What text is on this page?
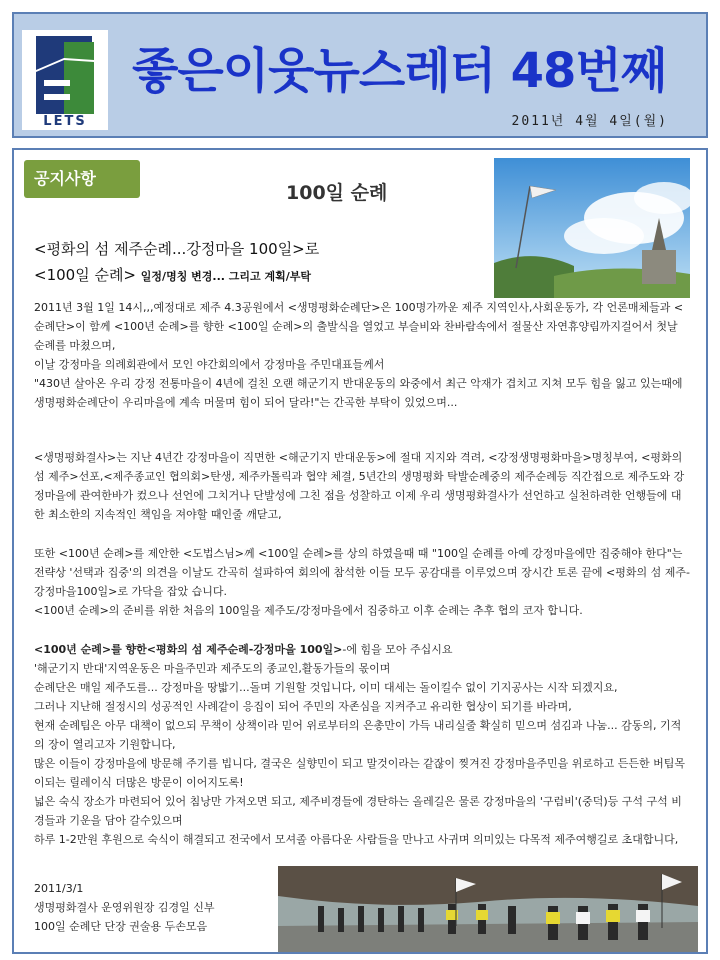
LETS
좋은이웃뉴스레터 48번째
2011년 4월 4일(월)
공지사항
100일 순례
<평화의 섬 제주순례...강정마을 100일>로
<100일 순례> 일정/명칭 변경... 그리고 계획/부탁

2011년 3월 1일 14시,,,예정대로 제주 4.3공원에서 <생명평화순례단>은 100명가까운 제주 지역인사,사회운동가, 각 언론매체들과 <순례단>이 함께 <100년 순례>를 향한 <100일 순례>의 출발식을 열었고 부슬비와 찬바람속에서 절물산 자연휴양림까지걸어서 첫날 순례를 마쳤으며,

이날 강정마을 의례회관에서 모인 야간회의에서 강정마을 주민대표들께서

"430년 살아온 우리 강정 전통마을이 4년에 걸친 오랜 해군기지 반대운동의 와중에서 최근 악재가 겹치고 지쳐 모두 힘을 잃고 있는때에 생명평화순례단이 우리마을에 계속 머물며 힘이 되어 달라!"는 간곡한 부탁이 있었으며...

<생명평화결사>는 지난 4년간 강정마을이 직면한 <해군기지 반대운동>에 절대 지지와 격려, <강정생명평화마을>명칭부여, <평화의 섬 제주>선포,<제주종교인 협의회>탄생, 제주카톨릭과 협약 체결, 5년간의 생명평화 탁발순례중의 제주순례등 직간접으로 제주도와 강정마을에 관여한바가 컸으나 선언에 그치거나 단발성에 그친 점을 성찰하고 이제 우리 생명평화결사가 선언하고 실천하려한 언행들에 대한 최소한의 지속적인 책임을 져야할 때인줄 깨닫고,

또한 <100년 순례>를 제안한 <도법스님>께 <100일 순례>를 상의 하였을때 때 "100일 순례를 아예 강정마을에만 집중해야 한다"는 전략상 '선택과 집중'의 의견을 이날도 간곡히 설파하여 회의에 참석한 이들 모두 공감대를 이루었으며 장시간 토론 끝에 <평화의 섬 제주-강정마을100일>로 가닥을 잡았 습니다.

<100년 순례>의 준비를 위한 처음의 100일을 제주도/강정마을에서 집중하고 이후 순례는 추후 협의 코자 합니다.

<100년 순례>를 향한<평화의 섬 제주순례-강정마을 100일>-에 힘을 모아 주십시요

'해군기지 반대'지역운동은 마을주민과 제주도의 종교인,활동가들의 몫이며

순례단은 매일 제주도를... 강정마을 땅밟기...돌며 기원할 것입니다, 이미 대세는 돌이킬수 없이 기지공사는 시작 되겠지요,

그러나 지난해 절정시의 성공적인 사례같이 응집이 되어 주민의 자존심을 지켜주고 유리한 협상이 되기를 바라며,

현재 순례팀은 아무 대책이 없으되 무책이 상책이라 믿어 위로부터의 은총만이 가득 내리실줄 확실히 믿으며 섬김과 나눔... 감동의, 기적의 장이 열리고자 기원합니다,

많은 이들이 강정마을에 방문해 주기를 빕니다, 결국은 실향민이 되고 말것이라는 같잖이 찢겨진 강정마을주민을 위로하고 든든한 버팀목이되는 릴레이식 더많은 방문이 이어지도록!

넓은 숙식 장소가 마련되어 있어 침낭만 가져오면 되고, 제주비경들에 경탄하는 올레길은 물론 강정마을의 '구럼비'(중덕)등 구석 구석 비경들과 기운을 담아 갈수있으며

하루 1-2만원 후원으로 숙식이 해결되고 전국에서 모셔졸 아름다운 사람들을 만나고 사귀며 의미있는 다목적 제주여행길로 초대합니다,

2011/3/1

생명평화결사 운영위원장 김경일 신부

100일 순례단 단장 권술용 두손모음
